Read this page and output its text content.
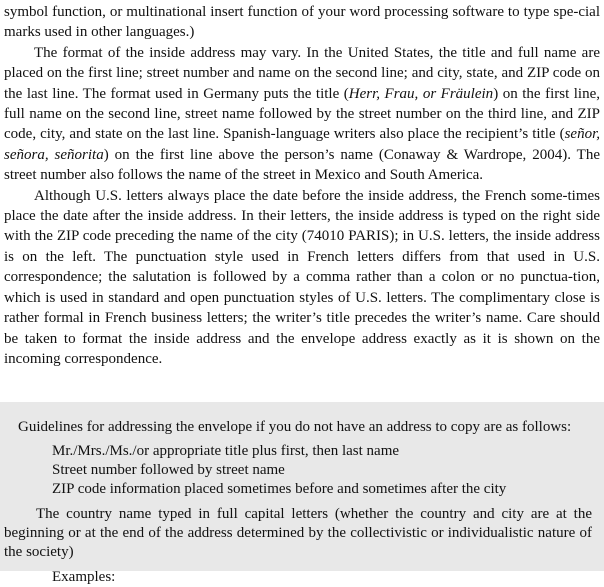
symbol function, or multinational insert function of your word processing software to type spe-cial marks used in other languages.)

The format of the inside address may vary. In the United States, the title and full name are placed on the first line; street number and name on the second line; and city, state, and ZIP code on the last line. The format used in Germany puts the title (Herr, Frau, or Fräulein) on the first line, full name on the second line, street name followed by the street number on the third line, and ZIP code, city, and state on the last line. Spanish-language writers also place the recipient’s title (señor, señora, señorita) on the first line above the person’s name (Conaway & Wardrope, 2004). The street number also follows the name of the street in Mexico and South America.

Although U.S. letters always place the date before the inside address, the French some-times place the date after the inside address. In their letters, the inside address is typed on the right side with the ZIP code preceding the name of the city (74010 PARIS); in U.S. letters, the inside address is on the left. The punctuation style used in French letters differs from that used in U.S. correspondence; the salutation is followed by a comma rather than a colon or no punctua-tion, which is used in standard and open punctuation styles of U.S. letters. The complimentary close is rather formal in French business letters; the writer’s title precedes the writer’s name. Care should be taken to format the inside address and the envelope address exactly as it is shown on the incoming correspondence.

Guidelines for addressing the envelope if you do not have an address to copy are as follows:

Mr./Mrs./Ms./or appropriate title plus first, then last name
Street number followed by street name
ZIP code information placed sometimes before and sometimes after the city

The country name typed in full capital letters (whether the country and city are at the beginning or at the end of the address determined by the collectivistic or individualistic nature of the society)

Examples:
